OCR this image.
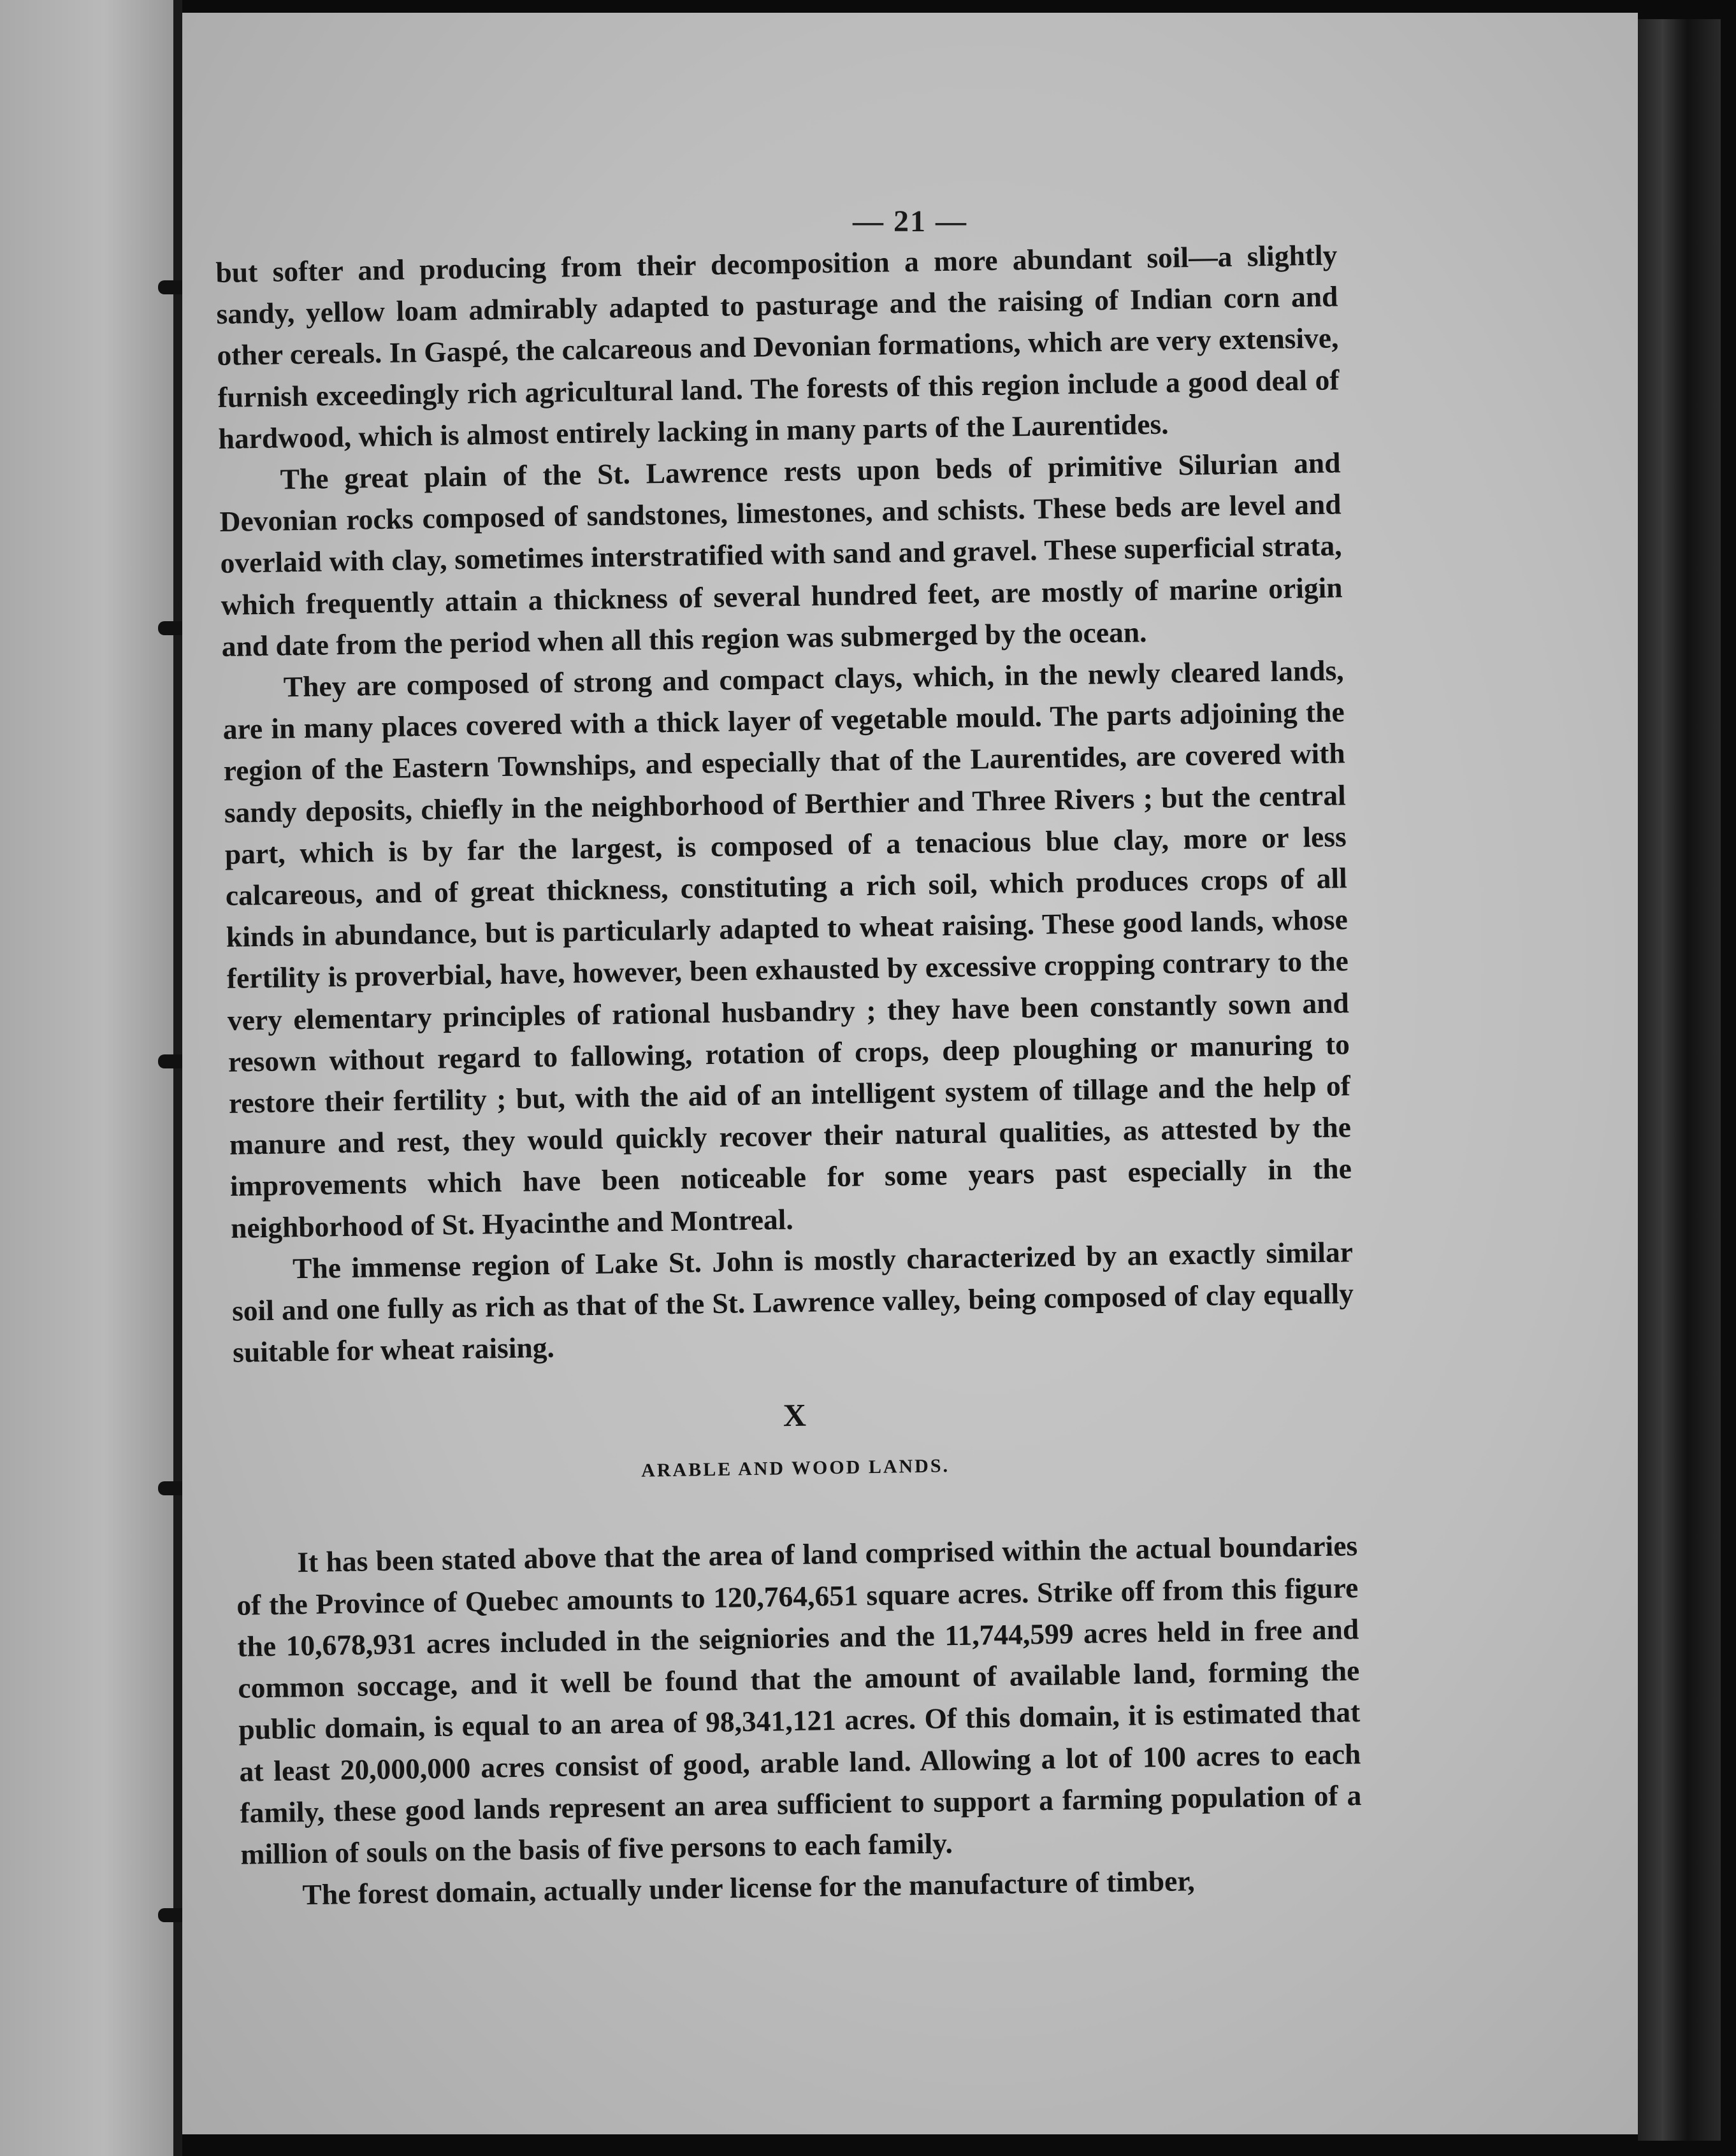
— 21 —

but softer and producing from their decomposition a more abundant soil—a slightly sandy, yellow loam admirably adapted to pasturage and the raising of Indian corn and other cereals. In Gaspé, the calcareous and Devonian formations, which are very extensive, furnish exceedingly rich agricultural land. The forests of this region include a good deal of hardwood, which is almost entirely lacking in many parts of the Laurentides.

The great plain of the St. Lawrence rests upon beds of primitive Silurian and Devonian rocks composed of sandstones, limestones, and schists. These beds are level and overlaid with clay, sometimes interstratified with sand and gravel. These superficial strata, which frequently attain a thickness of several hundred feet, are mostly of marine origin and date from the period when all this region was submerged by the ocean.

They are composed of strong and compact clays, which, in the newly cleared lands, are in many places covered with a thick layer of vegetable mould. The parts adjoining the region of the Eastern Townships, and especially that of the Laurentides, are covered with sandy deposits, chiefly in the neighborhood of Berthier and Three Rivers ; but the central part, which is by far the largest, is composed of a tenacious blue clay, more or less calcareous, and of great thickness, constituting a rich soil, which produces crops of all kinds in abundance, but is particularly adapted to wheat raising. These good lands, whose fertility is proverbial, have, however, been exhausted by excessive cropping contrary to the very elementary principles of rational husbandry ; they have been constantly sown and resown without regard to fallowing, rotation of crops, deep ploughing or manuring to restore their fertility ; but, with the aid of an intelligent system of tillage and the help of manure and rest, they would quickly recover their natural qualities, as attested by the improvements which have been noticeable for some years past especially in the neighborhood of St. Hyacinthe and Montreal.

The immense region of Lake St. John is mostly characterized by an exactly similar soil and one fully as rich as that of the St. Lawrence valley, being composed of clay equally suitable for wheat raising.

X
ARABLE AND WOOD LANDS.

It has been stated above that the area of land comprised within the actual boundaries of the Province of Quebec amounts to 120,764,651 square acres. Strike off from this figure the 10,678,931 acres included in the seigniories and the 11,744,599 acres held in free and common soccage, and it well be found that the amount of available land, forming the public domain, is equal to an area of 98,341,121 acres. Of this domain, it is estimated that at least 20,000,000 acres consist of good, arable land. Allowing a lot of 100 acres to each family, these good lands represent an area sufficient to support a farming population of a million of souls on the basis of five persons to each family.

The forest domain, actually under license for the manufacture of timber,
